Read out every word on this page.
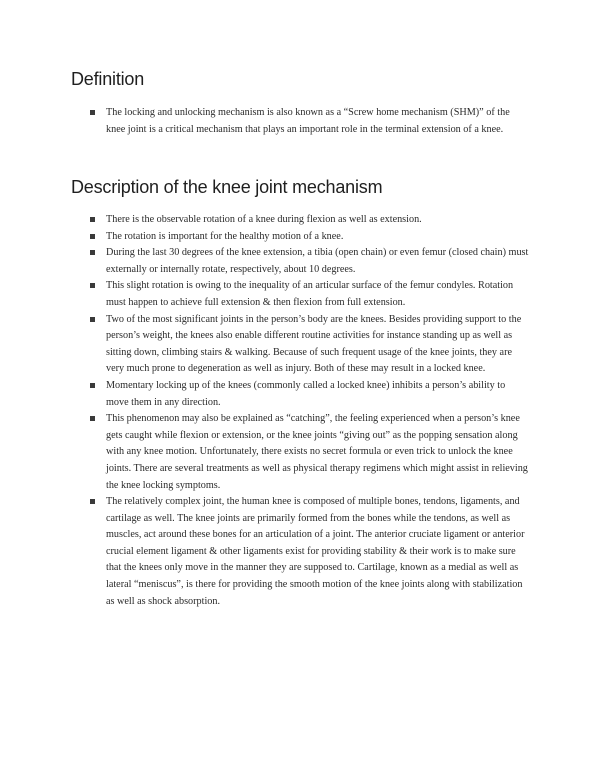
Definition
The locking and unlocking mechanism is also known as a “Screw home mechanism (SHM)” of the knee joint is a critical mechanism that plays an important role in the terminal extension of a knee.
Description of the knee joint mechanism
There is the observable rotation of a knee during flexion as well as extension.
The rotation is important for the healthy motion of a knee.
During the last 30 degrees of the knee extension, a tibia (open chain) or even femur (closed chain) must externally or internally rotate, respectively, about 10 degrees.
This slight rotation is owing to the inequality of an articular surface of the femur condyles. Rotation must happen to achieve full extension & then flexion from full extension.
Two of the most significant joints in the person’s body are the knees. Besides providing support to the person’s weight, the knees also enable different routine activities for instance standing up as well as sitting down, climbing stairs & walking. Because of such frequent usage of the knee joints, they are very much prone to degeneration as well as injury. Both of these may result in a locked knee.
Momentary locking up of the knees (commonly called a locked knee) inhibits a person’s ability to move them in any direction.
This phenomenon may also be explained as “catching”, the feeling experienced when a person’s knee gets caught while flexion or extension, or the knee joints “giving out” as the popping sensation along with any knee motion. Unfortunately, there exists no secret formula or even trick to unlock the knee joints. There are several treatments as well as physical therapy regimens which might assist in relieving the knee locking symptoms.
The relatively complex joint, the human knee is composed of multiple bones, tendons, ligaments, and cartilage as well. The knee joints are primarily formed from the bones while the tendons, as well as muscles, act around these bones for an articulation of a joint. The anterior cruciate ligament or anterior crucial element ligament & other ligaments exist for providing stability & their work is to make sure that the knees only move in the manner they are supposed to. Cartilage, known as a medial as well as lateral “meniscus”, is there for providing the smooth motion of the knee joints along with stabilization as well as shock absorption.
